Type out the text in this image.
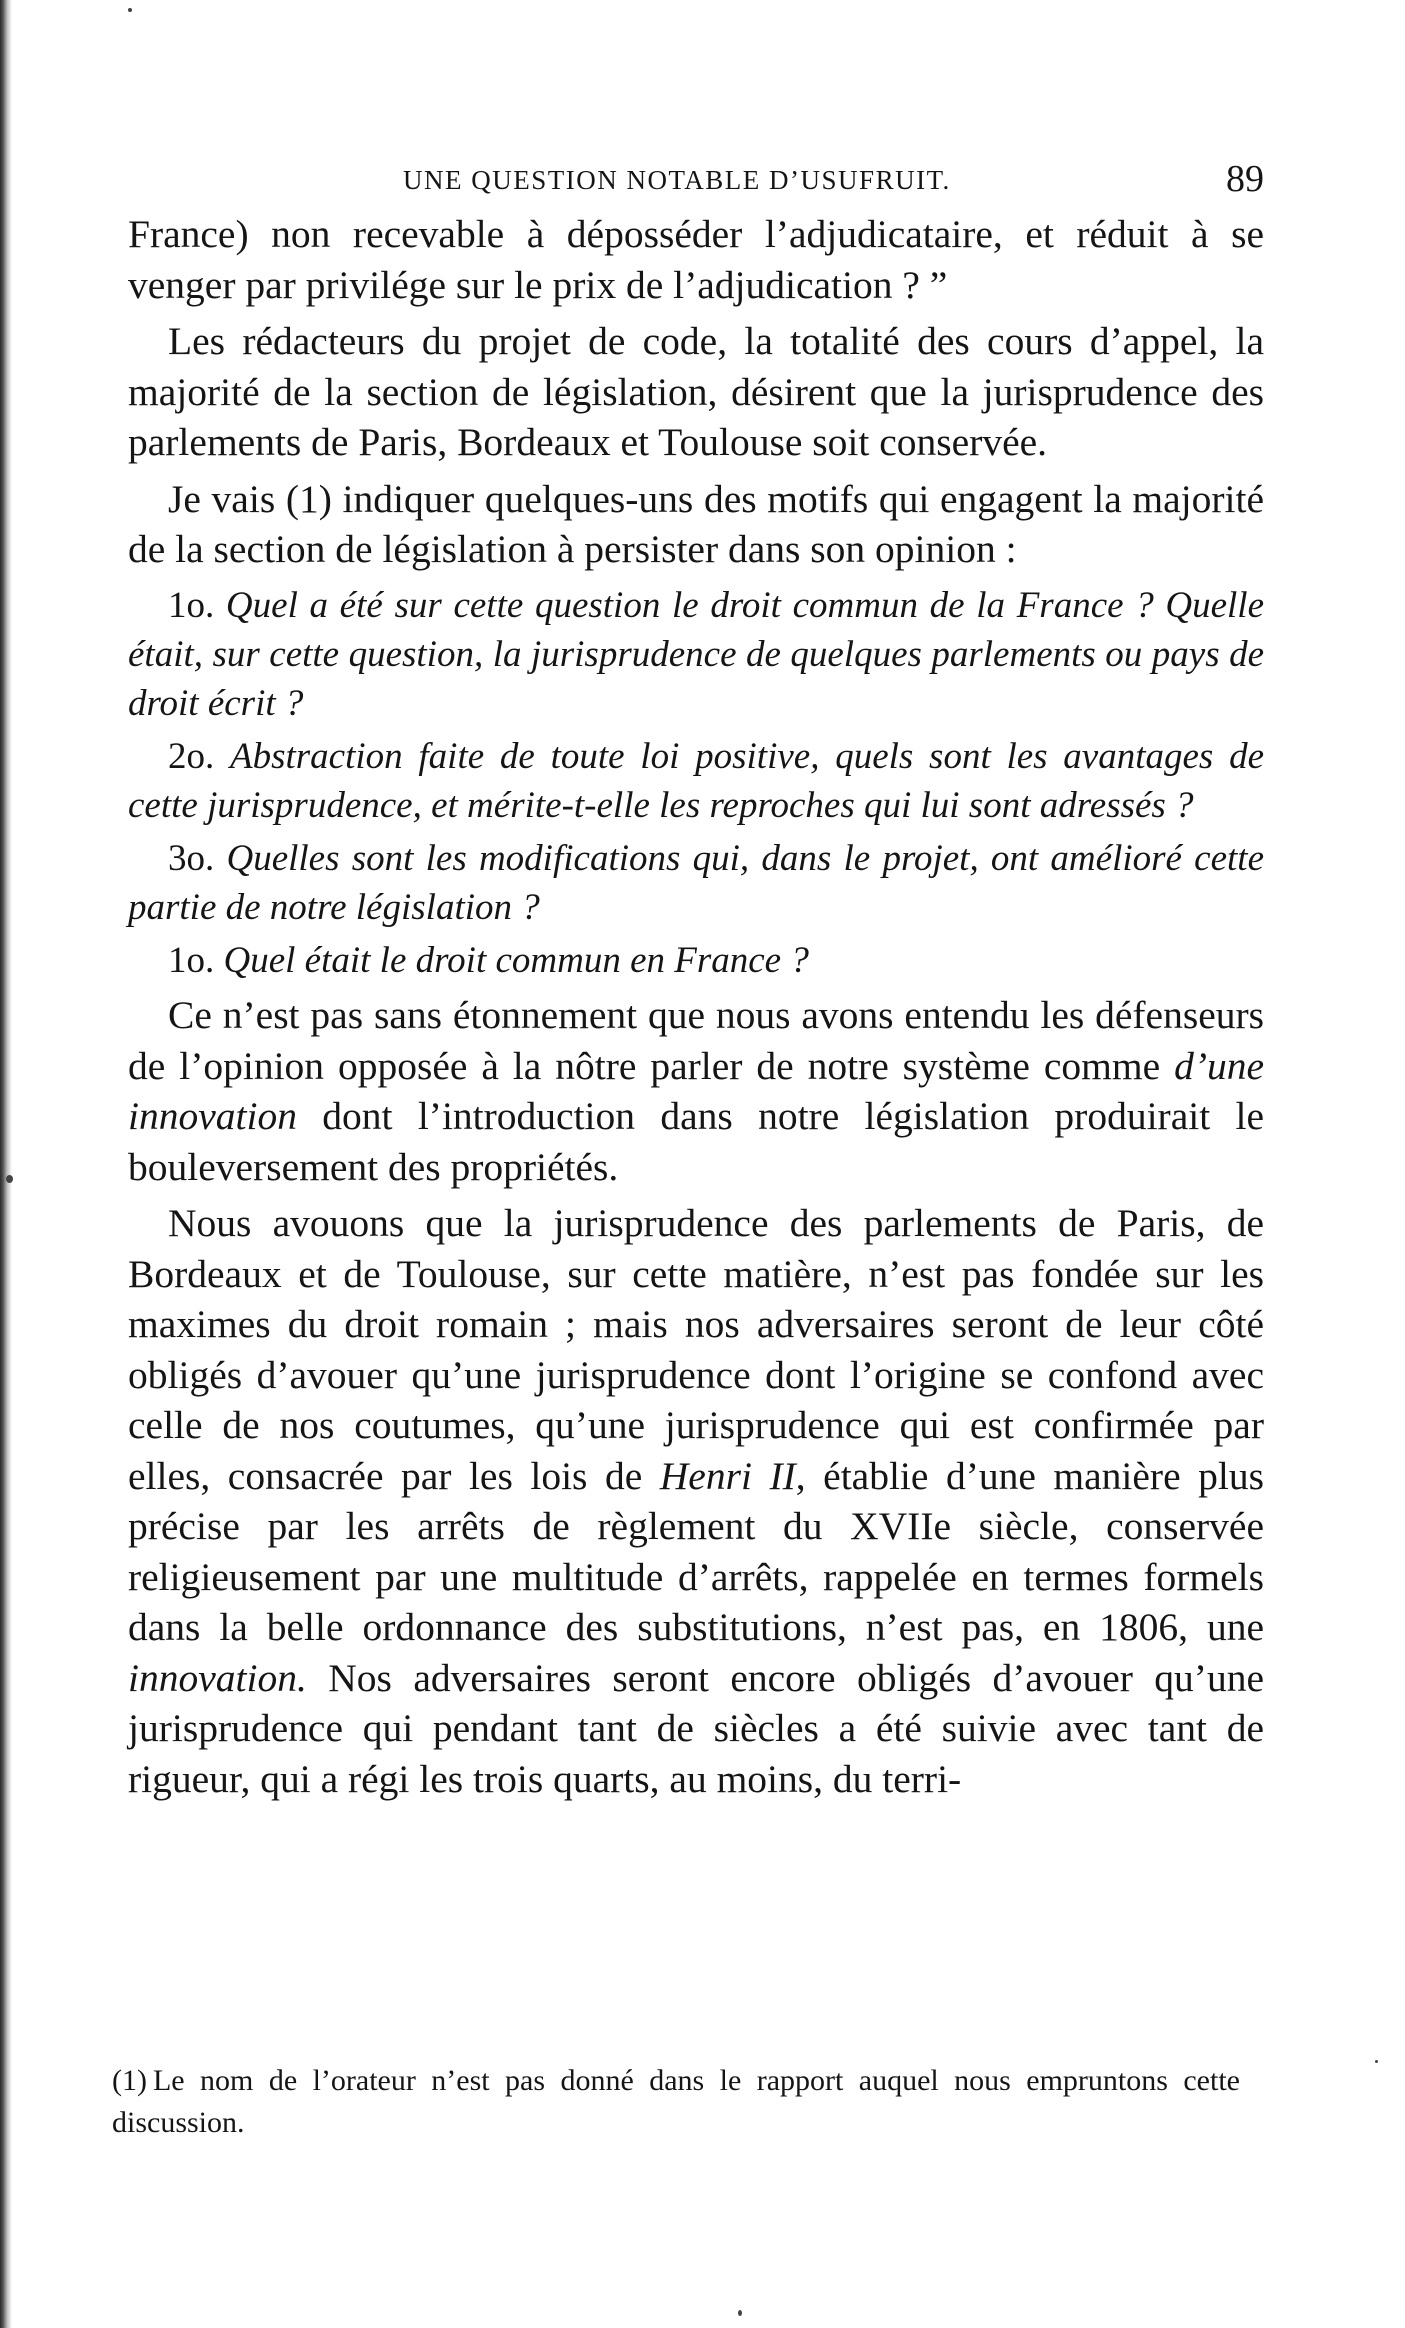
UNE QUESTION NOTABLE D’USUFRUIT.	89

France) non recevable à déposséder l’adjudicataire, et réduit à se venger par privilége sur le prix de l’adjudication ? ”

Les rédacteurs du projet de code, la totalité des cours d’appel, la majorité de la section de législation, désirent que la jurisprudence des parlements de Paris, Bordeaux et Toulouse soit conservée.

Je vais (1) indiquer quelques-uns des motifs qui engagent la majorité de la section de législation à persister dans son opinion :

1o. Quel a été sur cette question le droit commun de la France ? Quelle était, sur cette question, la jurisprudence de quelques parlements ou pays de droit écrit ?

2o. Abstraction faite de toute loi positive, quels sont les avantages de cette jurisprudence, et mérite-t-elle les reproches qui lui sont adressés ?

3o. Quelles sont les modifications qui, dans le projet, ont amélioré cette partie de notre législation ?

1o. Quel était le droit commun en France ?

Ce n’est pas sans étonnement que nous avons entendu les défenseurs de l’opinion opposée à la nôtre parler de notre système comme d’une innovation dont l’introduction dans notre législation produirait le bouleversement des propriétés.

Nous avouons que la jurisprudence des parlements de Paris, de Bordeaux et de Toulouse, sur cette matière, n’est pas fondée sur les maximes du droit romain ; mais nos adversaires seront de leur côté obligés d’avouer qu’une jurisprudence dont l’origine se confond avec celle de nos coutumes, qu’une jurisprudence qui est confirmée par elles, consacrée par les lois de Henri II, établie d’une manière plus précise par les arrêts de règlement du XVIIe siècle, conservée religieusement par une multitude d’arrêts, rappelée en termes formels dans la belle ordonnance des substitutions, n’est pas, en 1806, une innovation. Nos adversaires seront encore obligés d’avouer qu’une jurisprudence qui pendant tant de siècles a été suivie avec tant de rigueur, qui a régi les trois quarts, au moins, du terri-

(1) Le nom de l’orateur n’est pas donné dans le rapport auquel nous empruntons cette discussion.
